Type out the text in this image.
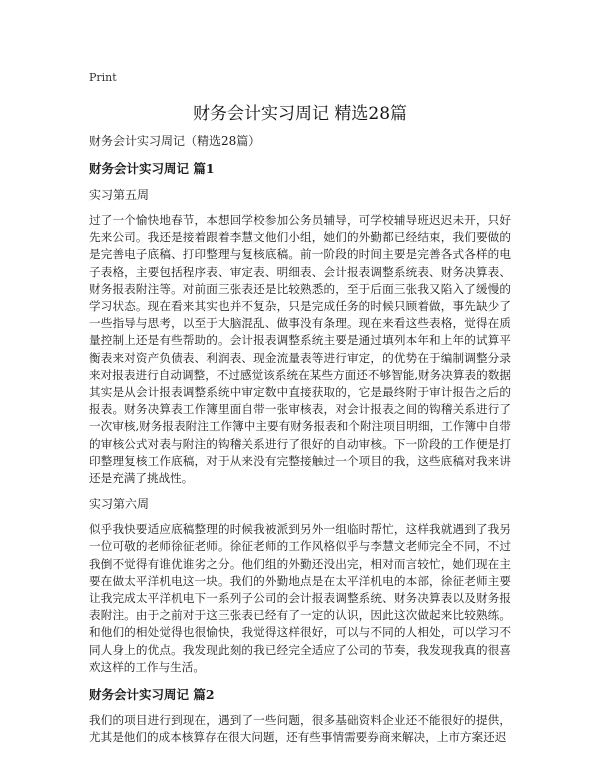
Print
财务会计实习周记 精选28篇

财务会计实习周记（精选28篇）

财务会计实习周记 篇1

实习第五周

过了一个愉快地春节，本想回学校参加公务员辅导，可学校辅导班迟迟未开，只好先来公司。我还是接着跟着李慧文他们小组，她们的外勤都已经结束，我们要做的是完善电子底稿、打印整理与复核底稿。前一阶段的时间主要是完善各式各样的电子表格，主要包括程序表、审定表、明细表、会计报表调整系统表、财务决算表、财务报表附注等。对前面三张表还是比较熟悉的，至于后面三张我又陷入了缓慢的学习状态。现在看来其实也并不复杂，只是完成任务的时候只顾着做，事先缺少了一些指导与思考，以至于大脑混乱、做事没有条理。现在来看这些表格，觉得在质量控制上还是有些帮助的。会计报表调整系统主要是通过填列本年和上年的试算平衡表来对资产负债表、利润表、现金流量表等进行审定，的优势在于编制调整分录来对报表进行自动调整，不过感觉该系统在某些方面还不够智能,财务决算表的数据其实是从会计报表调整系统中审定数中直接获取的，它是最终附于审计报告之后的报表。财务决算表工作簿里面自带一张审核表，对会计报表之间的钩稽关系进行了一次审核,财务报表附注工作簿中主要有财务报表和个附注项目明细，工作簿中自带的审核公式对表与附注的钩稽关系进行了很好的自动审核。下一阶段的工作便是打印整理复核工作底稿，对于从来没有完整接触过一个项目的我，这些底稿对我来讲还是充满了挑战性。

实习第六周

似乎我快要适应底稿整理的时候我被派到另外一组临时帮忙，这样我就遇到了我另一位可敬的老师徐征老师。徐征老师的工作风格似乎与李慧文老师完全不同，不过我倒不觉得有谁优谁劣之分。他们组的外勤还没出完，相对而言较忙，她们现在主要在做太平洋机电这一块。我们的外勤地点是在太平洋机电的本部，徐征老师主要让我完成太平洋机电下一系列子公司的会计报表调整系统、财务决算表以及财务报表附注。由于之前对于这三张表已经有了一定的认识，因此这次做起来比较熟练。和他们的相处觉得也很愉快，我觉得这样很好，可以与不同的人相处，可以学习不同人身上的优点。我发现此刻的我已经完全适应了公司的节奏，我发现我真的很喜欢这样的工作与生活。

财务会计实习周记 篇2

我们的项目进行到现在，遇到了一些问题，很多基础资料企业还不能很好的提供，尤其是他们的成本核算存在很大问题，还有些事情需要券商来解决，上市方案还迟
